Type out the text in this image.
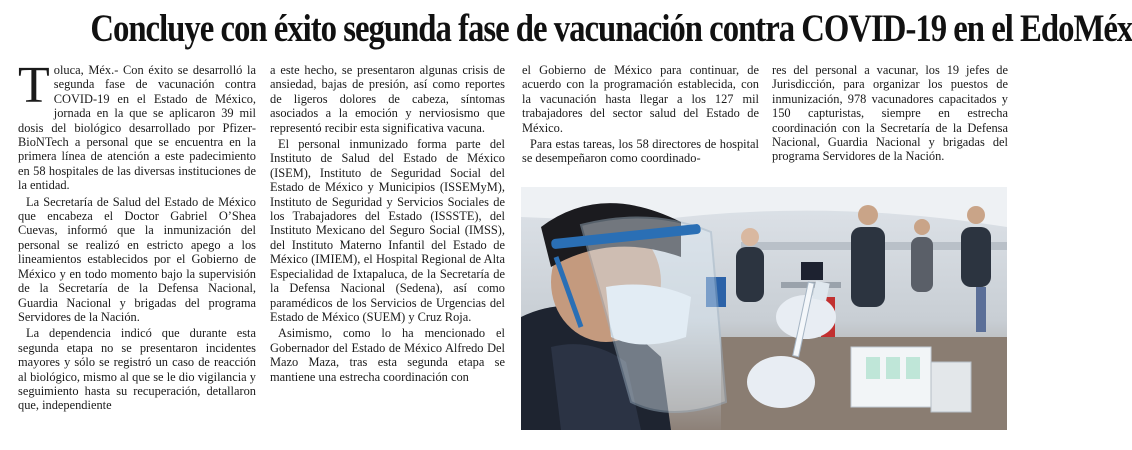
Concluye con éxito segunda fase de vacunación contra COVID-19 en el EdoMéx

Toluca, Méx.- Con éxito se desarrolló la segunda fase de vacunación contra COVID-19 en el Estado de México, jornada en la que se aplicaron 39 mil dosis del biológico desarrollado por Pfizer-BioNTech a personal que se encuentra en la primera línea de atención a este padecimiento en 58 hospitales de las diversas instituciones de la entidad.

La Secretaría de Salud del Estado de México que encabeza el Doctor Gabriel O’Shea Cuevas, informó que la inmunización del personal se realizó en estricto apego a los lineamientos establecidos por el Gobierno de México y en todo momento bajo la supervisión de la Secretaría de la Defensa Nacional, Guardia Nacional y brigadas del programa Servidores de la Nación.

La dependencia indicó que durante esta segunda etapa no se presentaron incidentes mayores y sólo se registró un caso de reacción al biológico, mismo al que se le dio vigilancia y seguimiento hasta su recuperación, detallaron que, independiente

a este hecho, se presentaron algunas crisis de ansiedad, bajas de presión, así como reportes de ligeros dolores de cabeza, síntomas asociados a la emoción y nerviosismo que representó recibir esta significativa vacuna.

El personal inmunizado forma parte del Instituto de Salud del Estado de México (ISEM), Instituto de Seguridad Social del Estado de México y Municipios (ISSEMyM), Instituto de Seguridad y Servicios Sociales de los Trabajadores del Estado (ISSSTE), del Instituto Mexicano del Seguro Social (IMSS), del Instituto Materno Infantil del Estado de México (IMIEM), el Hospital Regional de Alta Especialidad de Ixtapaluca, de la Secretaría de la Defensa Nacional (Sedena), así como paramédicos de los Servicios de Urgencias del Estado de México (SUEM) y Cruz Roja.

Asimismo, como lo ha mencionado el Gobernador del Estado de México Alfredo Del Mazo Maza, tras esta segunda etapa se mantiene una estrecha coordinación con

el Gobierno de México para continuar, de acuerdo con la programación establecida, con la vacunación hasta llegar a los 127 mil trabajadores del sector salud del Estado de México.

Para estas tareas, los 58 directores de hospital se desempeñaron como coordinado-

res del personal a vacunar, los 19 jefes de Jurisdicción, para organizar los puestos de inmunización, 978 vacunadores capacitados y 150 capturistas, siempre en estrecha coordinación con la Secretaría de la Defensa Nacional, Guardia Nacional y brigadas del programa Servidores de la Nación.
